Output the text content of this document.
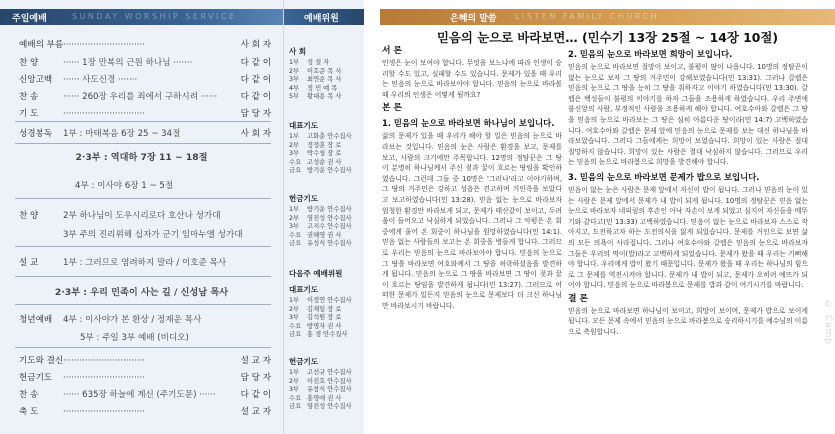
주일예배	SUNDAY WORSHIP SERVICE
예배의 부름 ······························	사 회 자
찬 양	······ 1장 만복의 근원 하나님 ·······	다 같 이
신앙고백 ······ 사도신경 ·······	다 같 이
찬 송	······ 260장 우리를 죄에서 구하시려 ······	다 같 이
기 도	······························	담 당 자
성경봉독 1부 : 마태복음 6장 25 ~ 34절	사 회 자
2·3부 : 역대하 7장 11 ~ 18절
4부 : 이사야 6장 1 ~ 5절
찬 양	2부 하나님이 도우시리로다 호산나 성가대
3부 주의 진리위해 십자가 군기 임마누엘 성가대
설 교	1부 : 그러므로 염려하지 말라 / 이호준 목사
2·3부 : 우리 민족이 사는 길 / 신성남 목사
청년예배 4부 : 이사야가 본 환상 / 정재운 목사
5부 : 주일 3부 예배 (비디오)
기도와 결신 ······························	설 교 자
헌금기도 ······························	담 당 자
찬 송	······ 635장 하늘에 계신 (주기도문) ······	다 같 이
축 도	······························	설 교 자
예배위원
사 회
1부 성 설 자
2부 이호준 목 사
3부 최연순 목 사
4부 정 민 예 목
5부 황대용 목 사
대표기도
1부 고화춘 안수집사
2부 정정훈 장 로
3부 박수청 장 로
수요 고성순 권 사
금요 방기운 안수집사
헌금기도
1부 방기운 안수집사
2부 염진성 안수집사
3부 고지수 안수집사
수요 권혜영 권 사
금요 유성식 안수집사
다음주 예배위원
대표기도
1부 이정연 안수집사
2부 김재일 장 로
3부 김석원 장 로
수요 방명자 권 사
금요 홍 경 안수집사
헌금기도
1부 고선규 안수집사
2부 이진호 안수집사
3부 유창식 안수집사
수요 홍영애 권 사
금요 염진성 안수집사
은혜의 말씀 LISTEN FAMILY CHURCH
믿음의 눈으로 바라보면… (민수기 13장 25절 ~ 14장 10절)
서 론

인생은 눈이 보여야 합니다. 무엇을 보느냐에 따라 인생이 승리할 수도 있고, 실패할 수도 있습니다. 문제가 있을 때 우리는 믿음의 눈으로 바라보아야 합니다. 믿음의 눈으로 바라볼 때 우리의 인생은 어떻게 될까요?

본 론
1. 믿음의 눈으로 바라보면 하나님이 보입니다.

삶의 문제가 있을 때 우리가 해야 할 일은 믿음의 눈으로 바라보는 것입니다. 믿음의 눈은 사람은 환경을 보고, 문제를 보고, 사람의 크기에만 주목합니다. 12명의 정탐꾼은 그 땅이 분명히 하나님께서 주신 젖과 꿀이 흐르는 땅임을 확인하였습니다. 그런데 그들 중 10명은 '그러나'라고 이야기하며, 그 땅의 거주민은 강하고 성읍은 견고하며 거인족을 보았다고 보고하였습니다(민 13:28). 믿음 없는 눈으로 바라보자 엄청한 환경만 바라보게 되고, 문제가 태산같이 보이고, 두려움이 들어오고 낙심하게 되었습니다. 그러나 그 악평은 온 회중에게 울어 온 회중이 하나님을 원망하였습니다(민 14:1). 믿음 없는 사람들의 보고는 온 회중을 병들게 합니다. 그러므로 우리는 믿음의 눈으로 바라보아야 합니다. 믿음의 눈으로 그 땅을 바라보면 여호와께서 그 땅을 허락하셨음을 발견하게 됩니다. 믿음의 눈으로 그 땅을 바라보면 그 땅이 젖과 꿀이 흐르는 땅임을 발견하게 됩니다(민 13:27). 그러므로 어떠한 문제가 있든지 믿음의 눈으로 문제보다 더 크신 하나님만 바라보시기 바랍니다.

2. 믿음의 눈으로 바라보면 희망이 보입니다.

믿음의 눈으로 바라보면 절망이 보이고, 불평이 많이 나옵니다. 10명의 정탐꾼이 없는 눈으로 보자 그 땅의 거주민이 강해보였습니다(민 13:31). 그러나 갈렙은 믿음의 눈으로 그 땅을 능히 그 땅을 취하자고 이야기 하였습니다(민 13:30). 갈렙은 백성들이 불평의 이야기를 하자 그들을 조용하게 하였습니다. 우리 주변에 불신앙의 사람, 부정적인 사람을 조용하게 해야 합니다. 여호수아와 갈렙은 그 땅을 믿음의 눈으로 바라보는 그 땅은 심히 아름다운 땅이라(민 14:7) 고백하였습니다. 여호수아와 갈렙은 문제 앞에 믿음의 눈으로 문제를 보는 대신 하나님을 바라보았습니다. 그러다 그들에게는 희망이 보였습니다. 희망이 있는 사람은 절대 절망하지 않습니다. 희망이 있는 사람은 절대 낙심하지 않습니다. 그러므로 우리는 믿음의 눈으로 바라봄으로 희망을 발견해야 합니다.

3. 믿음의 눈으로 바라보면 문제가 밥으로 보입니다.

믿음이 없는 눈은 사람은 문제 앞에서 자신이 밥이 됩니다. 그러나 믿음의 눈이 있는 사람은 문제 앞에서 문제가 내 밥이 되게 됩니다. 10명의 정탐꾼은 믿음 없는 눈으로 바라보자 네피림의 후손인 아낙 자손이 보게 되었고 심지어 자신들을 메뚜기와 같다고(민 13:33) 고백하였습니다. 믿음이 없는 눈으로 바라보자 스스로 작아지고, 도전하고자 하는 도전의식을 잃게 되었습니다. 문제를 거인으로 보면 삶의 모든 의욕이 사라집니다. 그러나 여호수아와 갈렙은 믿음의 눈으로 바라보자 그들은 우리의 먹이(밥)라고 고백하게 되었습니다. 문제가 왔을 때 우리는 기뻐해야 합니다. 우리에게 밥이 왔기 때문입니다. 문제가 왔을 때 우리는 하나님의 힘으로 그 문제를 역전시켜야 합니다. 문제가 내 밥이 되고, 문제가 오히려 예뜨가 되어야 합니다. 믿음의 눈으로 바라봄으로 문제를 밥과 같이 여기시기를 바랍니다.

결 론

믿음의 눈으로 바라보면 하나님이 보이고, 희망이 보이며, 문제가 밥으로 보이게 됩니다. 모든 문제 속에서 믿음의 눈으로 바라봄으로 승리하시기를 예수님의 이름으로 축원합니다.	© Camp
